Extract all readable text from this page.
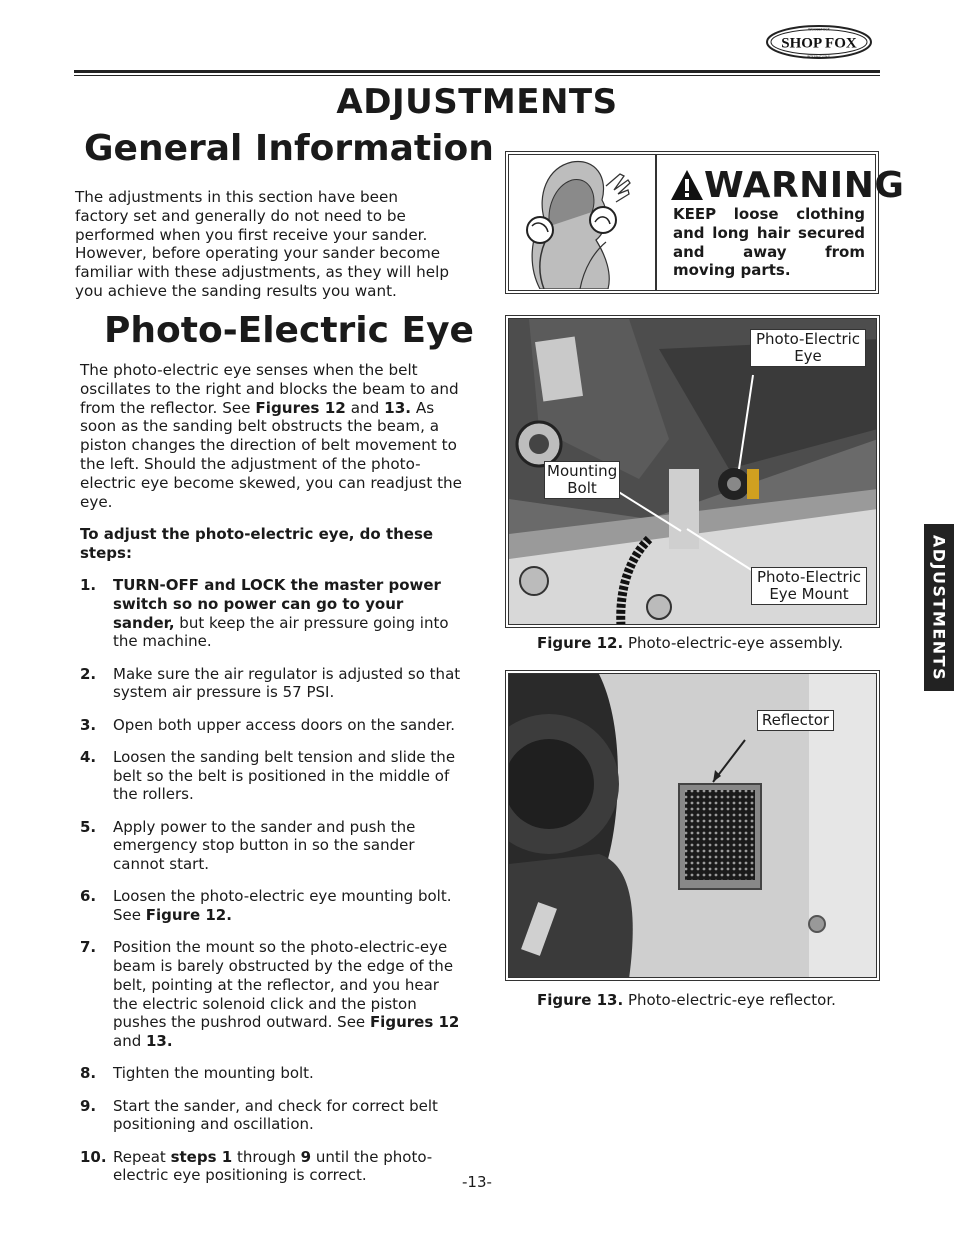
SHOP FOX
WOODSTOCK
INTERNATIONAL
ADJUSTMENTS
General Information
The adjustments in this section have been factory set and generally do not need to be performed when you first receive your sander. However, before operating your sander become familiar with these adjustments, as they will help you achieve the sanding results you want.
Photo-Electric Eye
The photo-electric eye senses when the belt oscillates to the right and blocks the beam to and from the reflector. See Figures 12 and 13. As soon as the sanding belt obstructs the beam, a piston changes the direction of belt movement to the left. Should the adjustment of the photo-electric eye become skewed, you can readjust the eye.
To adjust the photo-electric eye, do these steps:
1. TURN-OFF and LOCK the master power switch so no power can go to your sander, but keep the air pressure going into the machine.
2. Make sure the air regulator is adjusted so that system air pressure is 57 PSI.
3. Open both upper access doors on the sander.
4. Loosen the sanding belt tension and slide the belt so the belt is positioned in the middle of the rollers.
5. Apply power to the sander and push the emergency stop button in so the sander cannot start.
6. Loosen the photo-electric eye mounting bolt. See Figure 12.
7. Position the mount so the photo-electric-eye beam is barely obstructed by the edge of the belt, pointing at the reflector, and you hear the electric solenoid click and the piston pushes the pushrod outward. See Figures 12 and 13.
8. Tighten the mounting bolt.
9. Start the sander, and check for correct belt positioning and oscillation.
10. Repeat steps 1 through 9 until the photo-electric eye positioning is correct.
WARNING
KEEP loose clothing and long hair secured and away from moving parts.
Photo-Electric Eye
Mounting Bolt
Photo-Electric Eye Mount
Figure 12. Photo-electric-eye assembly.
Reflector
Figure 13. Photo-electric-eye reflector.
ADJUSTMENTS
-13-
